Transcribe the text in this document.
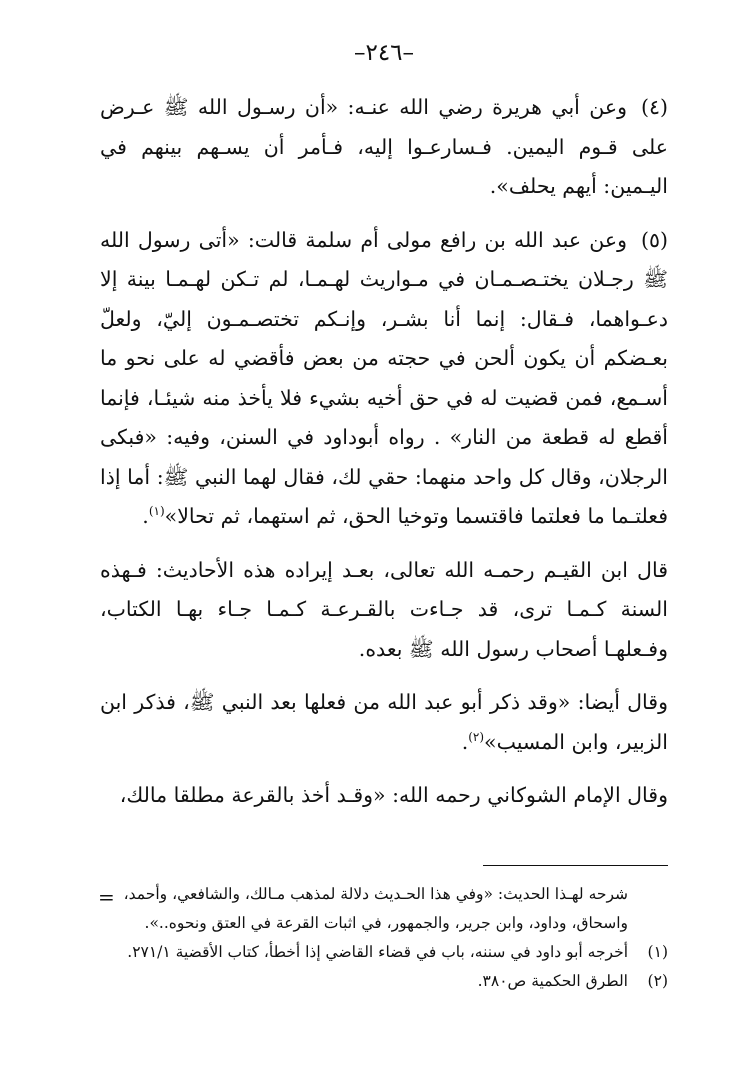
–٢٤٦–

(٤)وعن أبي هريرة رضي الله عنـه: «أن رسـول الله ﷺ عـرض على قـوم اليمين. فـسارعـوا إليه، فـأمر أن يسـهم بينهم في اليـمين: أيهم يحلف».

(٥)وعن عبد الله بن رافع مولى أم سلمة قالت: «أتى رسول الله ﷺ رجـلان يختـصـمـان في مـواريث لهـمـا، لم تـكن لهـمـا بينة إلا دعـواهما، فـقال: إنما أنا بشـر، وإنـكم تختصـمـون إليّ، ولعلّ بعـضكم أن يكون ألحن في حجته من بعض فأقضي له على نحو ما أسـمع، فمن قضيت له في حق أخيه بشيء فلا يأخذ منه شيئـا، فإنما أقطع له قطعة من النار» . رواه أبوداود في السنن، وفيه: «فبكى الرجلان، وقال كل واحد منهما: حقي لك، فقال لهما النبي ﷺ: أما إذا فعلتـما ما فعلتما فاقتسما وتوخيا الحق، ثم استهما، ثم تحالا»$^{(١)}$.

قال ابن القيـم رحمـه الله تعالى، بعـد إيراده هذه الأحاديث: فـهذه السنة كـمـا ترى، قد جـاءت بالقـرعـة كـمـا جـاء بهـا الكتاب، وفـعلهـا أصحاب رسول الله ﷺ بعده.

وقال أيضا: «وقد ذكر أبو عبد الله من فعلها بعد النبي ﷺ، فذكر ابن الزبير، وابن المسيب»$^{(٢)}$.

وقال الإمام الشوكاني رحمه الله: «وقـد أخذ بالقرعة مطلقا مالك،

= شرحه لهـذا الحديث: «وفي هذا الحـديث دلالة لمذهب مـالك، والشافعي، وأحمد، واسحاق، وداود، وابن جرير، والجمهور، في اثبات القرعة في العتق ونحوه..».

(١)
أخرجه أبو داود في سننه، باب في قضاء القاضي إذا أخطأ، كتاب الأقضية ٢٧١/١.

(٢)
الطرق الحكمية ص٣٨٠.
